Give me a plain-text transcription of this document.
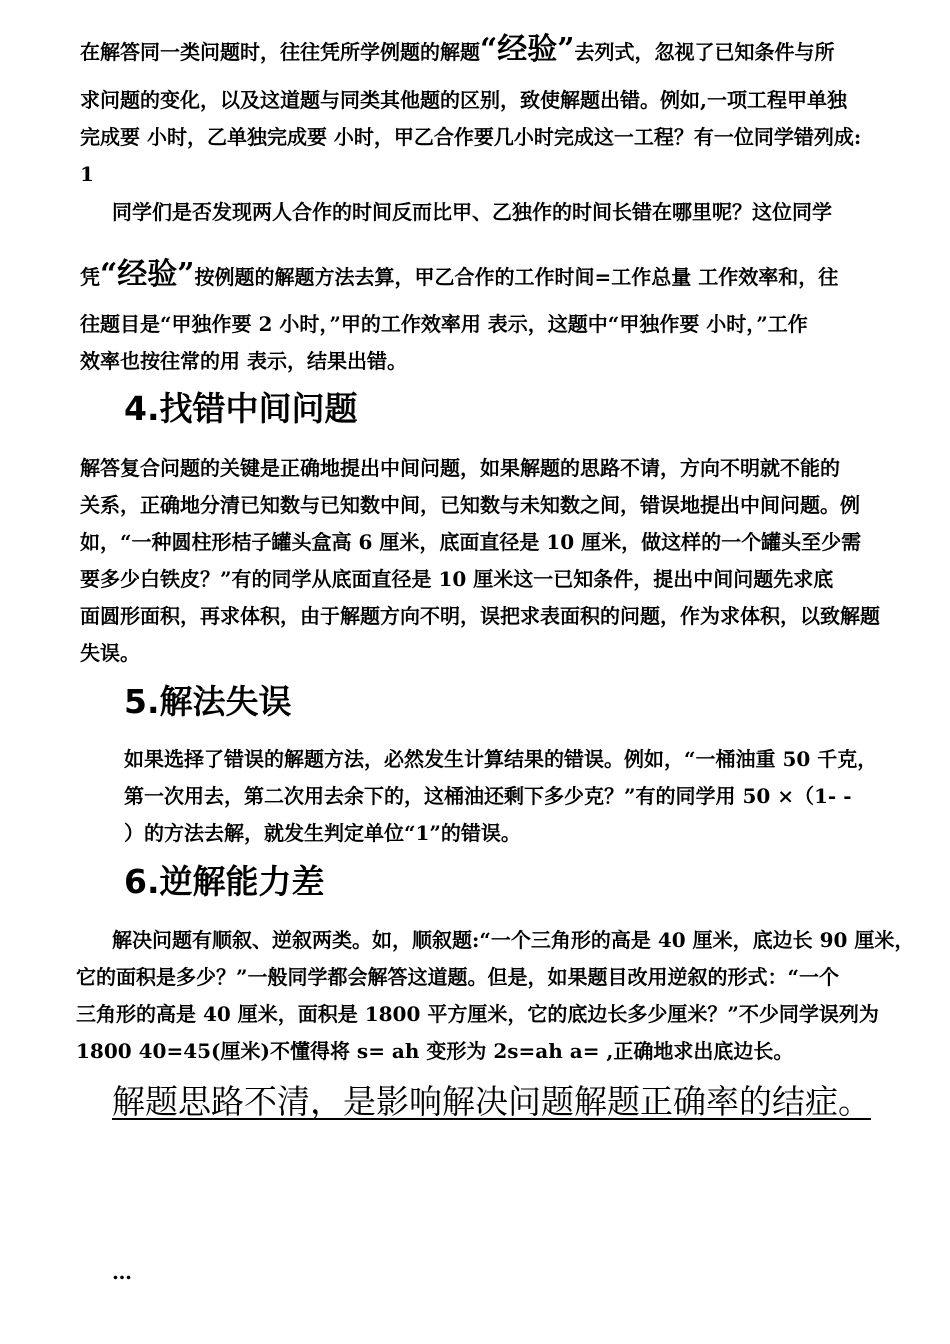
在解答同一类问题时，往往凭所学例题的解题“经验”去列式，忽视了已知条件与所
求问题的变化，以及这道题与同类其他题的区别，致使解题出错。例如,一项工程甲单独
完成要 小时，乙单独完成要 小时，甲乙合作要几小时完成这一工程？有一位同学错列成:
1
同学们是否发现两人合作的时间反而比甲、乙独作的时间长错在哪里呢？这位同学
凭“经验”按例题的解题方法去算，甲乙合作的工作时间=工作总量 工作效率和，往
往题目是“甲独作要 2 小时，”甲的工作效率用 表示，这题中“甲独作要 小时，”工作
效率也按往常的用 表示，结果出错。
4.找错中间问题
解答复合问题的关键是正确地提出中间问题，如果解题的思路不请，方向不明就不能的
关系，正确地分清已知数与已知数中间，已知数与未知数之间，错误地提出中间问题。例
如，“一种圆柱形桔子罐头盒高 6 厘米，底面直径是 10 厘米，做这样的一个罐头至少需
要多少白铁皮？”有的同学从底面直径是 10 厘米这一已知条件，提出中间问题先求底
面圆形面积，再求体积，由于解题方向不明，误把求表面积的问题，作为求体积，以致解题
失误。
5.解法失误
如果选择了错误的解题方法，必然发生计算结果的错误。例如，“一桶油重 50 千克，
第一次用去，第二次用去余下的，这桶油还剩下多少克？”有的同学用 50 ×（1- -
）的方法去解，就发生判定单位“1”的错误。
6.逆解能力差
解决问题有顺叙、逆叙两类。如，顺叙题:“一个三角形的高是 40 厘米，底边长 90 厘米，
它的面积是多少？”一般同学都会解答这道题。但是，如果题目改用逆叙的形式：“一个
三角形的高是 40 厘米，面积是 1800 平方厘米，它的底边长多少厘米？”不少同学误列为
1800 40=45(厘米)不懂得将 s= ah 变形为 2s=ah a= ,正确地求出底边长。
解题思路不清，是影响解决问题解题正确率的结症。
…
